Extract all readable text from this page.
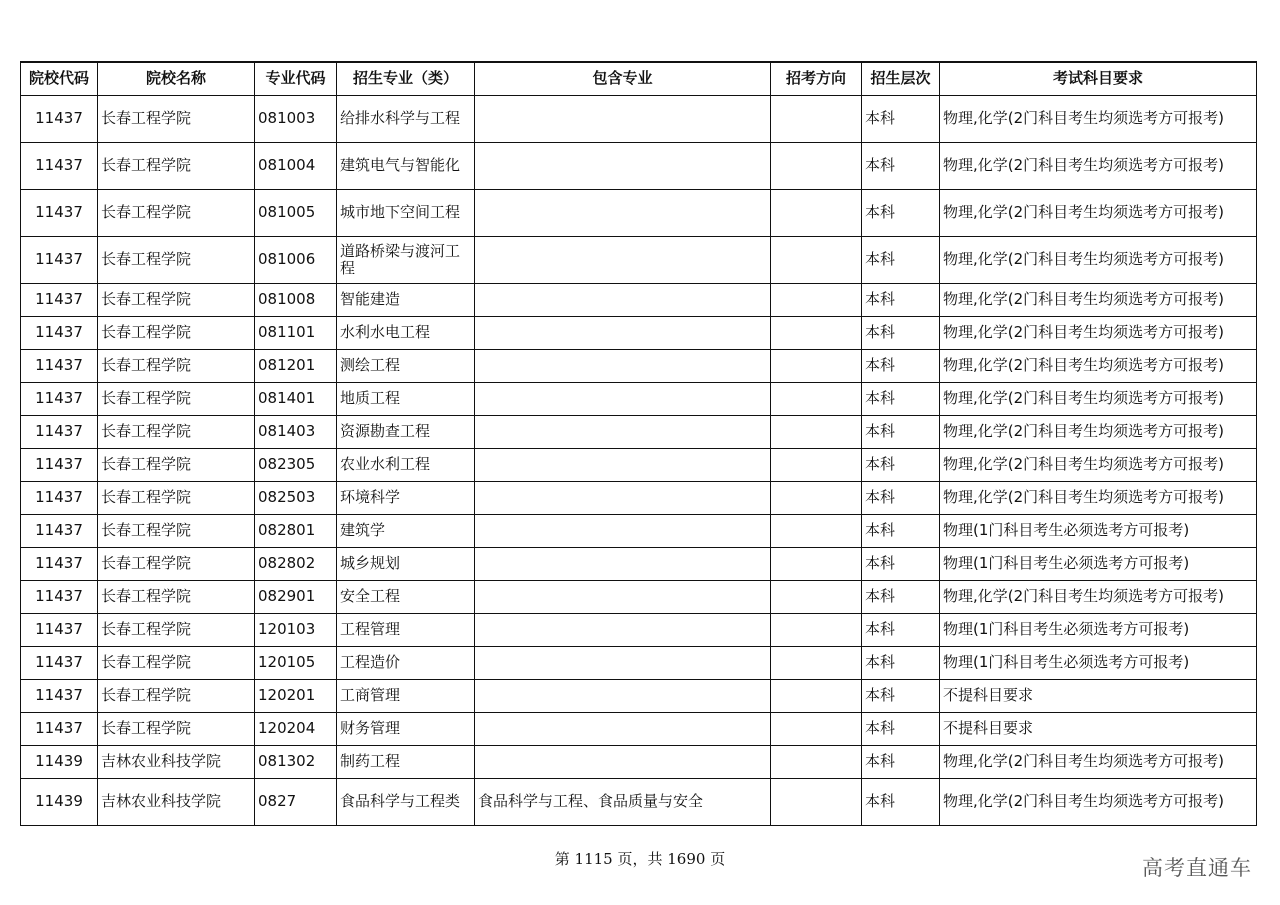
院校代码	院校名称	专业代码	招生专业（类）	包含专业	招考方向	招生层次	考试科目要求
11437	长春工程学院	081003	给排水科学与工程			本科	物理,化学(2门科目考生均须选考方可报考)
11437	长春工程学院	081004	建筑电气与智能化			本科	物理,化学(2门科目考生均须选考方可报考)
11437	长春工程学院	081005	城市地下空间工程			本科	物理,化学(2门科目考生均须选考方可报考)
11437	长春工程学院	081006	道路桥梁与渡河工程			本科	物理,化学(2门科目考生均须选考方可报考)
11437	长春工程学院	081008	智能建造			本科	物理,化学(2门科目考生均须选考方可报考)
11437	长春工程学院	081101	水利水电工程			本科	物理,化学(2门科目考生均须选考方可报考)
11437	长春工程学院	081201	测绘工程			本科	物理,化学(2门科目考生均须选考方可报考)
11437	长春工程学院	081401	地质工程			本科	物理,化学(2门科目考生均须选考方可报考)
11437	长春工程学院	081403	资源勘查工程			本科	物理,化学(2门科目考生均须选考方可报考)
11437	长春工程学院	082305	农业水利工程			本科	物理,化学(2门科目考生均须选考方可报考)
11437	长春工程学院	082503	环境科学			本科	物理,化学(2门科目考生均须选考方可报考)
11437	长春工程学院	082801	建筑学			本科	物理(1门科目考生必须选考方可报考)
11437	长春工程学院	082802	城乡规划			本科	物理(1门科目考生必须选考方可报考)
11437	长春工程学院	082901	安全工程			本科	物理,化学(2门科目考生均须选考方可报考)
11437	长春工程学院	120103	工程管理			本科	物理(1门科目考生必须选考方可报考)
11437	长春工程学院	120105	工程造价			本科	物理(1门科目考生必须选考方可报考)
11437	长春工程学院	120201	工商管理			本科	不提科目要求
11437	长春工程学院	120204	财务管理			本科	不提科目要求
11439	吉林农业科技学院	081302	制药工程			本科	物理,化学(2门科目考生均须选考方可报考)
11439	吉林农业科技学院	0827	食品科学与工程类	食品科学与工程、食品质量与安全		本科	物理,化学(2门科目考生均须选考方可报考)
第 1115 页，共 1690 页	高考直通车
